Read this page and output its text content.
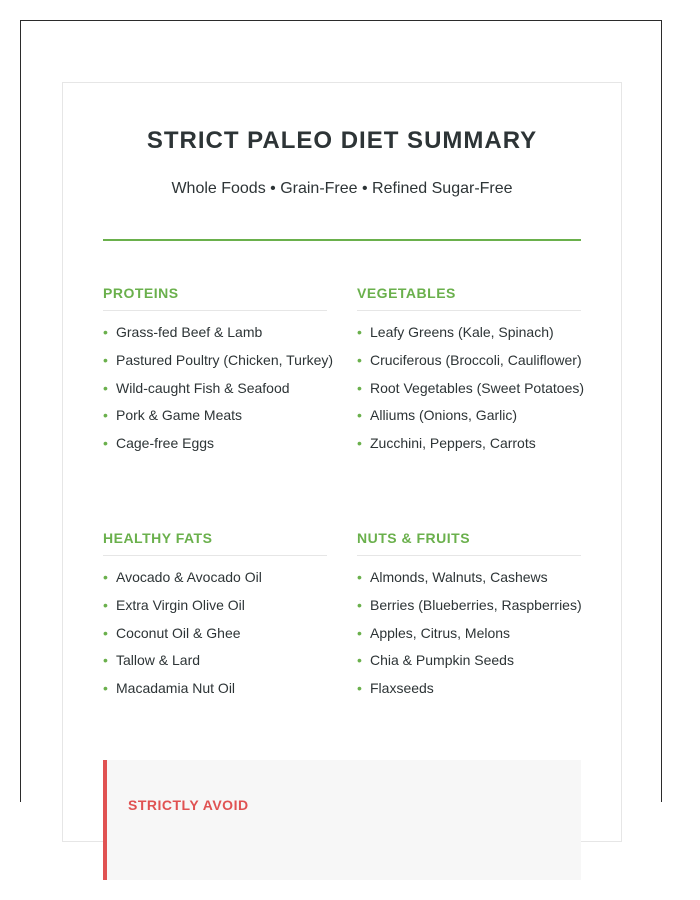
STRICT PALEO DIET SUMMARY
Whole Foods • Grain-Free • Refined Sugar-Free
PROTEINS
• Grass-fed Beef & Lamb
• Pastured Poultry (Chicken, Turkey)
• Wild-caught Fish & Seafood
• Pork & Game Meats
• Cage-free Eggs
VEGETABLES
• Leafy Greens (Kale, Spinach)
• Cruciferous (Broccoli, Cauliflower)
• Root Vegetables (Sweet Potatoes)
• Alliums (Onions, Garlic)
• Zucchini, Peppers, Carrots
HEALTHY FATS
• Avocado & Avocado Oil
• Extra Virgin Olive Oil
• Coconut Oil & Ghee
• Tallow & Lard
• Macadamia Nut Oil
NUTS & FRUITS
• Almonds, Walnuts, Cashews
• Berries (Blueberries, Raspberries)
• Apples, Citrus, Melons
• Chia & Pumpkin Seeds
• Flaxseeds
STRICTLY AVOID
